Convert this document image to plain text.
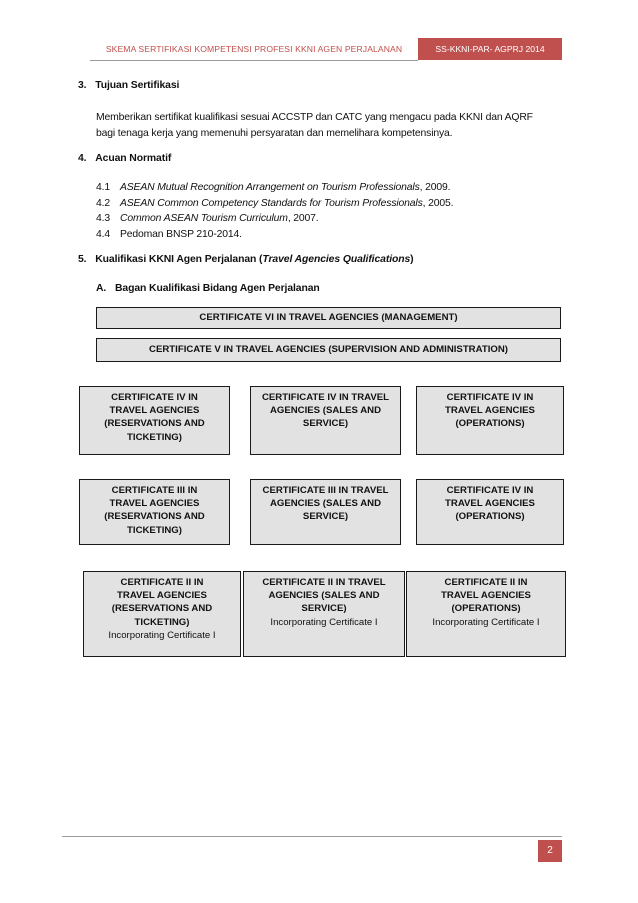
SKEMA SERTIFIKASI KOMPETENSI PROFESI KKNI AGEN PERJALANAN	SS-KKNI-PAR- AGPRJ 2014
3. Tujuan Sertifikasi
Memberikan sertifikat kualifikasi sesuai ACCSTP dan CATC yang mengacu pada KKNI dan AQRF
bagi tenaga kerja yang memenuhi persyaratan dan memelihara kompetensinya.
4. Acuan Normatif
4.1 ASEAN Mutual Recognition Arrangement on Tourism Professionals, 2009.
4.2 ASEAN Common Competency Standards for Tourism Professionals, 2005.
4.3 Common ASEAN Tourism Curriculum, 2007.
4.4 Pedoman BNSP 210-2014.
5. Kualifikasi KKNI Agen Perjalanan (Travel Agencies Qualifications)
A. Bagan Kualifikasi Bidang Agen Perjalanan
CERTIFICATE VI IN TRAVEL AGENCIES (MANAGEMENT)
CERTIFICATE V IN TRAVEL AGENCIES (SUPERVISION AND ADMINISTRATION)
CERTIFICATE IV IN TRAVEL AGENCIES (RESERVATIONS AND TICKETING)
CERTIFICATE IV IN TRAVEL AGENCIES (SALES AND SERVICE)
CERTIFICATE IV IN TRAVEL AGENCIES (OPERATIONS)
CERTIFICATE III IN TRAVEL AGENCIES (RESERVATIONS AND TICKETING)
CERTIFICATE III IN TRAVEL AGENCIES (SALES AND SERVICE)
CERTIFICATE IV IN TRAVEL AGENCIES (OPERATIONS)
CERTIFICATE II IN TRAVEL AGENCIES (RESERVATIONS AND TICKETING)
Incorporating Certificate I
CERTIFICATE II IN TRAVEL AGENCIES (SALES AND SERVICE)
Incorporating Certificate I
CERTIFICATE II IN TRAVEL AGENCIES (OPERATIONS)
Incorporating Certificate I
2
